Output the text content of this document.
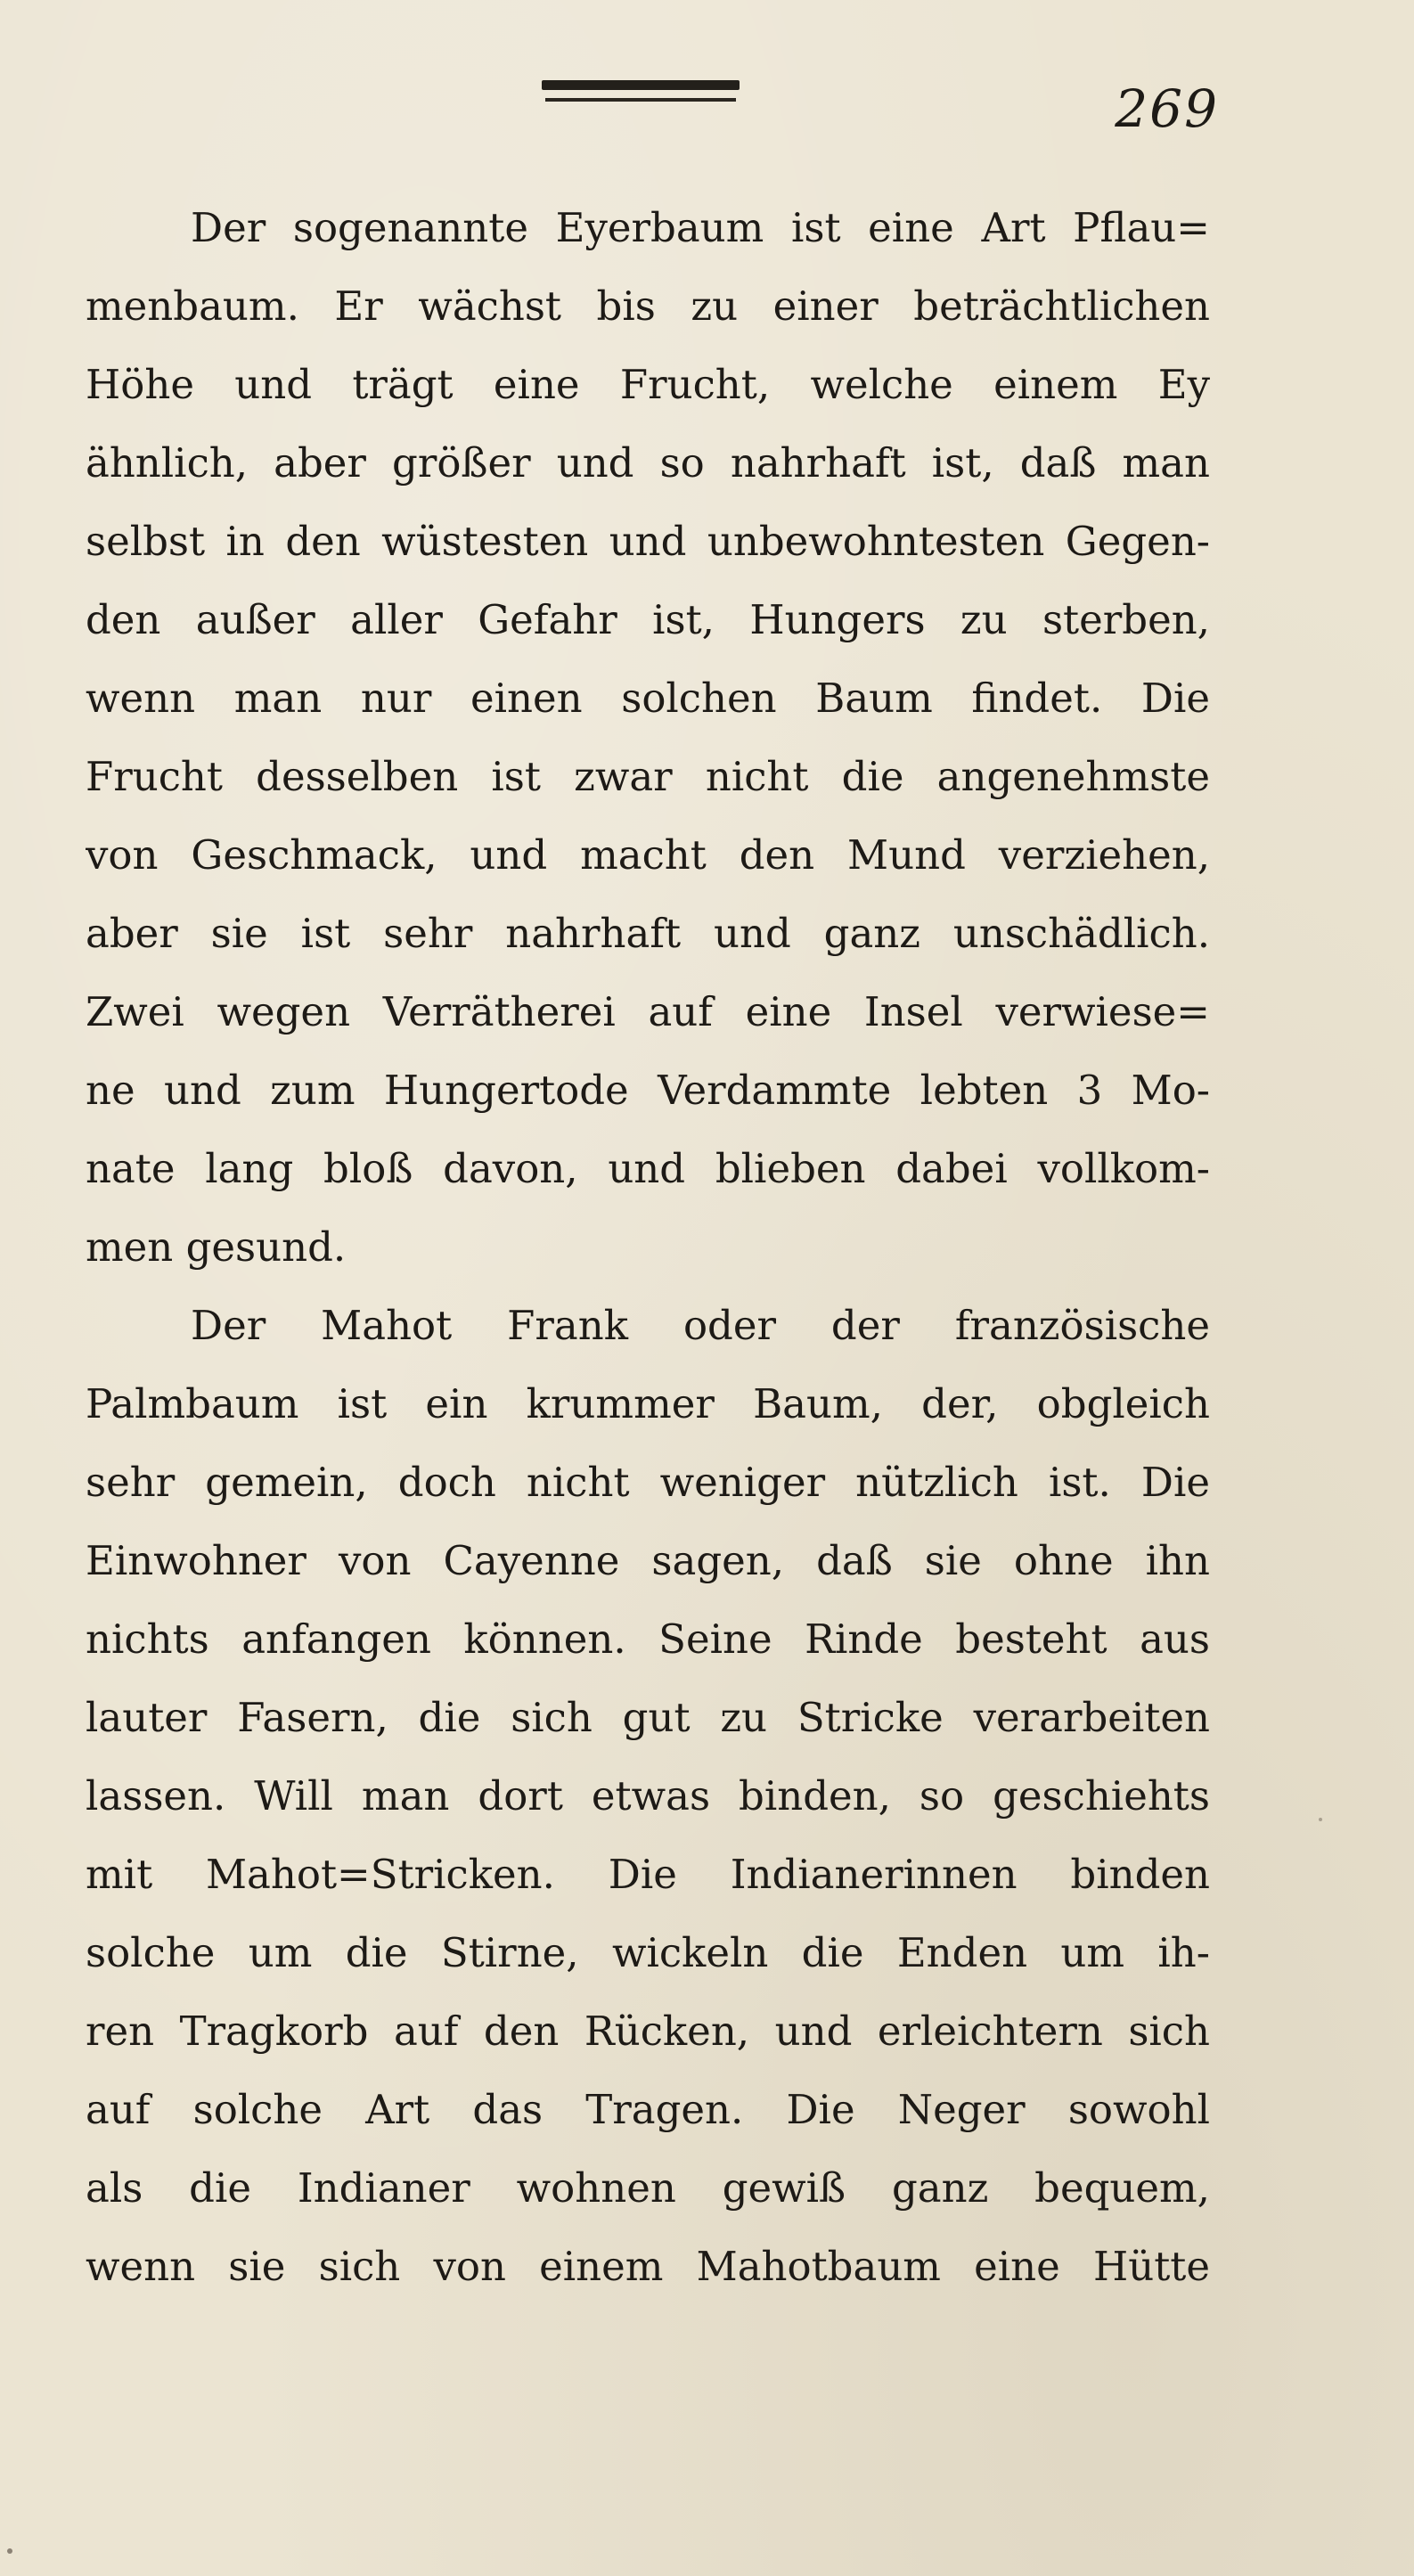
269
Der sogenannte Eyerbaum ist eine Art Pflau=
menbaum. Er wächst bis zu einer beträchtlichen
Höhe und trägt eine Frucht, welche einem Ey
ähnlich, aber größer und so nahrhaft ist, daß man
selbst in den wüstesten und unbewohntesten Gegen-
den außer aller Gefahr ist, Hungers zu sterben,
wenn man nur einen solchen Baum findet. Die
Frucht desselben ist zwar nicht die angenehmste
von Geschmack, und macht den Mund verziehen,
aber sie ist sehr nahrhaft und ganz unschädlich.
Zwei wegen Verrätherei auf eine Insel verwiese=
ne und zum Hungertode Verdammte lebten 3 Mo-
nate lang bloß davon, und blieben dabei vollkom-
men gesund.
Der Mahot Frank oder der französische
Palmbaum ist ein krummer Baum, der, obgleich
sehr gemein, doch nicht weniger nützlich ist. Die
Einwohner von Cayenne sagen, daß sie ohne ihn
nichts anfangen können. Seine Rinde besteht aus
lauter Fasern, die sich gut zu Stricke verarbeiten
lassen. Will man dort etwas binden, so geschiehts
mit Mahot=Stricken. Die Indianerinnen binden
solche um die Stirne, wickeln die Enden um ih-
ren Tragkorb auf den Rücken, und erleichtern sich
auf solche Art das Tragen. Die Neger sowohl
als die Indianer wohnen gewiß ganz bequem,
wenn sie sich von einem Mahotbaum eine Hütte
